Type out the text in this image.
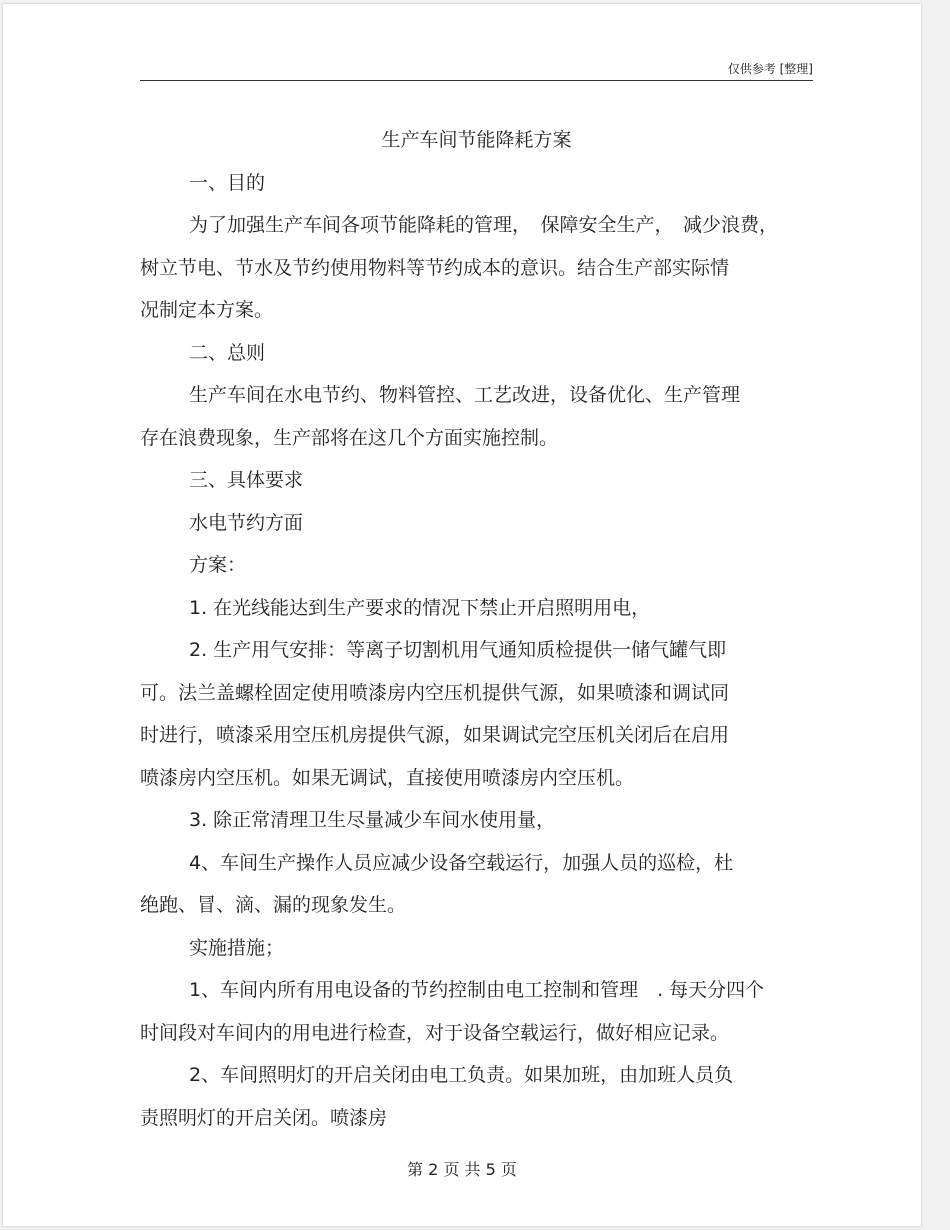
仅供参考 [整理]

生产车间节能降耗方案

一、目的

为了加强生产车间各项节能降耗的管理，　保障安全生产，　减少浪费，

树立节电、节水及节约使用物料等节约成本的意识。结合生产部实际情

况制定本方案。

二、总则

生产车间在水电节约、物料管控、工艺改进，设备优化、生产管理

存在浪费现象，生产部将在这几个方面实施控制。

三、具体要求

水电节约方面

方案：

1. 在光线能达到生产要求的情况下禁止开启照明用电，

2. 生产用气安排：等离子切割机用气通知质检提供一储气罐气即

可。法兰盖螺栓固定使用喷漆房内空压机提供气源，如果喷漆和调试同

时进行，喷漆采用空压机房提供气源，如果调试完空压机关闭后在启用

喷漆房内空压机。如果无调试，直接使用喷漆房内空压机。

3. 除正常清理卫生尽量减少车间水使用量，

4、车间生产操作人员应减少设备空载运行，加强人员的巡检，杜

绝跑、冒、滴、漏的现象发生。

实施措施；

1、车间内所有用电设备的节约控制由电工控制和管理　. 每天分四个

时间段对车间内的用电进行检查，对于设备空载运行，做好相应记录。

2、车间照明灯的开启关闭由电工负责。如果加班，由加班人员负

责照明灯的开启关闭。喷漆房

第 2 页 共 5 页
